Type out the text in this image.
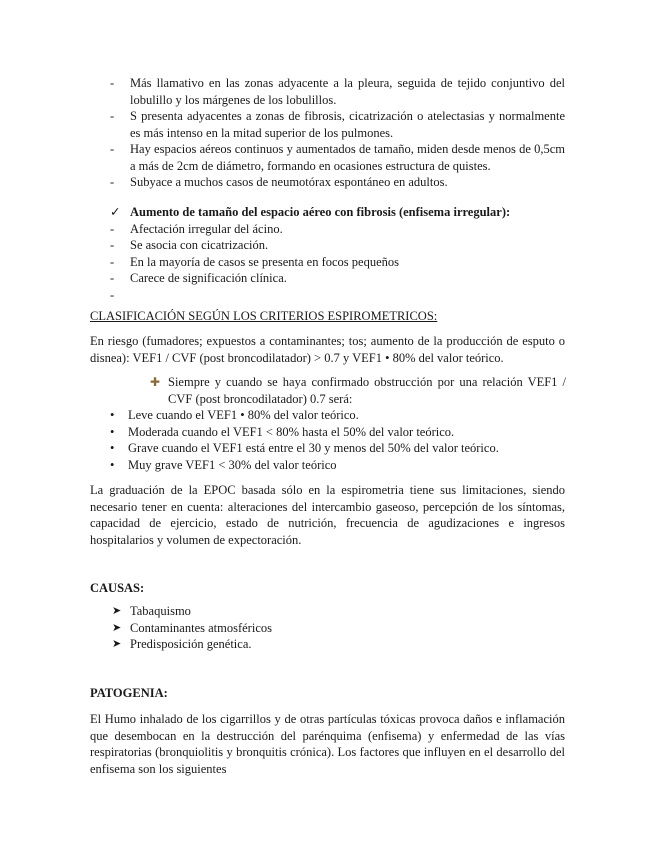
- Más llamativo en las zonas adyacente a la pleura, seguida de tejido conjuntivo del lobulillo y los márgenes de los lobulillos.
- S presenta adyacentes a zonas de fibrosis, cicatrización o atelectasias y normalmente es más intenso en la mitad superior de los pulmones.
- Hay espacios aéreos continuos y aumentados de tamaño, miden desde menos de 0,5cm a más de 2cm de diámetro, formando en ocasiones estructura de quistes.
- Subyace a muchos casos de neumotórax espontáneo en adultos.
✓ Aumento de tamaño del espacio aéreo con fibrosis (enfisema irregular):
- Afectación irregular del ácino.
- Se asocia con cicatrización.
- En la mayoría de casos se presenta en focos pequeños
- Carece de significación clínica.
-

CLASIFICACIÓN SEGÚN LOS CRITERIOS ESPIROMETRICOS:
En riesgo (fumadores; expuestos a contaminantes; tos; aumento de la producción de esputo o disnea): VEF1 / CVF (post broncodilatador) > 0.7 y VEF1 • 80% del valor teórico.
✚ Siempre y cuando se haya confirmado obstrucción por una relación VEF1 / CVF (post broncodilatador) 0.7 será:
• Leve cuando el VEF1 • 80% del valor teórico.
• Moderada cuando el VEF1 < 80% hasta el 50% del valor teórico.
• Grave cuando el VEF1 está entre el 30 y menos del 50% del valor teórico.
• Muy grave VEF1 < 30% del valor teórico
La graduación de la EPOC basada sólo en la espirometria tiene sus limitaciones, siendo necesario tener en cuenta: alteraciones del intercambio gaseoso, percepción de los síntomas, capacidad de ejercicio, estado de nutrición, frecuencia de agudizaciones e ingresos hospitalarios y volumen de expectoración.
CAUSAS:
➤ Tabaquismo
➤ Contaminantes atmosféricos
➤ Predisposición genética.
PATOGENIA:
El Humo inhalado de los cigarrillos y de otras partículas tóxicas provoca daños e inflamación que desembocan en la destrucción del parénquima (enfisema) y enfermedad de las vías respiratorias (bronquiolitis y bronquitis crónica). Los factores que influyen en el desarrollo del enfisema son los siguientes
